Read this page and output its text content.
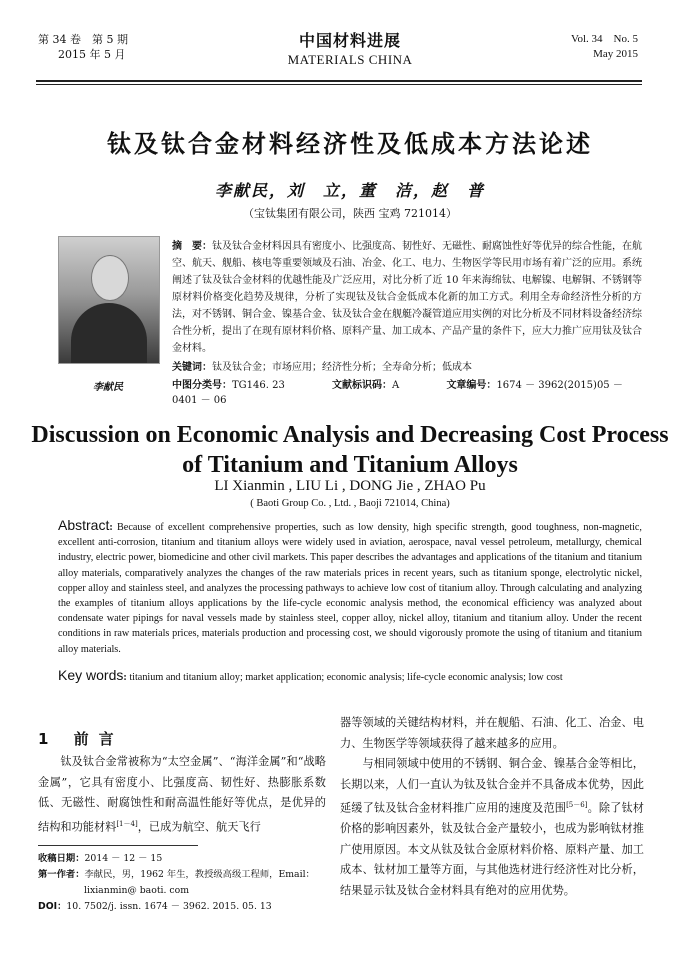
第 34 卷　第 5 期
2015 年 5 月
中国材料进展
MATERIALS CHINA
Vol. 34　No. 5
May 2015
钛及钛合金材料经济性及低成本方法论述
李献民，刘　立，董　洁，赵　普
（宝钛集团有限公司，陕西 宝鸡 721014）
李献民
摘　要：钛及钛合金材料因具有密度小、比强度高、韧性好、无磁性、耐腐蚀性好等优异的综合性能，在航空、航天、舰船、核电等重要领域及石油、冶金、化工、电力、生物医学等民用市场有着广泛的应用。系统阐述了钛及钛合金材料的优越性能及广泛应用，对比分析了近 10 年来海绵钛、电解镍、电解铜、不锈钢等原材料价格变化趋势及规律，分析了实现钛及钛合金低成本化新的加工方式。利用全寿命经济性分析的方法，对不锈钢、铜合金、镍基合金、钛及钛合金在舰艇冷凝管道应用实例的对比分析及不同材料设备经济综合性分析，提出了在现有原材料价格、原料产量、加工成本、产品产量的条件下，应大力推广应用钛及钛合金材料。
关键词：钛及钛合金；市场应用；经济性分析；全寿命分析；低成本
中图分类号：TG146. 23	文献标识码：A	文章编号：1674 － 3962(2015)05 － 0401 － 06
Discussion on Economic Analysis and Decreasing Cost Process
of Titanium and Titanium Alloys
LI Xianmin , LIU Li , DONG Jie , ZHAO Pu
( Baoti Group Co. , Ltd. , Baoji 721014, China)
Abstract: Because of excellent comprehensive properties, such as low density, high specific strength, good toughness, non-magnetic, excellent anti-corrosion, titanium and titanium alloys were widely used in aviation, aerospace, naval vessel petroleum, metallurgy, chemical industry, electric power, biomedicine and other civil markets. This paper describes the advantages and applications of the titanium and titanium alloy materials, comparatively analyzes the changes of the raw materials prices in recent years, such as titanium sponge, electrolytic nickel, copper alloy and stainless steel, and analyzes the processing pathways to achieve low cost of titanium alloy. Through calculating and analyzing the examples of titanium alloys applications by the life-cycle economic analysis method, the economical efficiency was analyzed about condensate water pipings for naval vessels made by stainless steel, copper alloy, nickel alloy, titanium and titanium alloy. Under the recent conditions in raw materials prices, materials production and processing cost, we should vigorously promote the using of titanium and titanium alloy materials.
Key words: titanium and titanium alloy; market application; economic analysis; life-cycle economic analysis; low cost
1 前言

钛及钛合金常被称为“太空金属”、“海洋金属”和“战略金属”，它具有密度小、比强度高、韧性好、热膨胀系数低、无磁性、耐腐蚀性和耐高温性能好等优点，是优异的结构和功能材料[1－4]，已成为航空、航天飞行

收稿日期：2014 － 12 － 15
第一作者：李献民，男，1962 年生，教授级高级工程师，Email：
lixianmin@ baoti. com
DOI：10. 7502/j. issn. 1674 － 3962. 2015. 05. 13

器等领域的关键结构材料，并在舰船、石油、化工、冶金、电力、生物医学等领域获得了越来越多的应用。

与相同领域中使用的不锈钢、铜合金、镍基合金等相比，长期以来，人们一直认为钛及钛合金并不具备成本优势，因此延缓了钛及钛合金材料推广应用的速度及范围[5－6]。除了钛材价格的影响因素外，钛及钛合金产量较小，也成为影响钛材推广使用原因。本文从钛及钛合金原材料价格、原料产量、加工成本、钛材加工量等方面，与其他选材进行经济性对比分析，结果显示钛及钛合金材料具有绝对的应用优势。
